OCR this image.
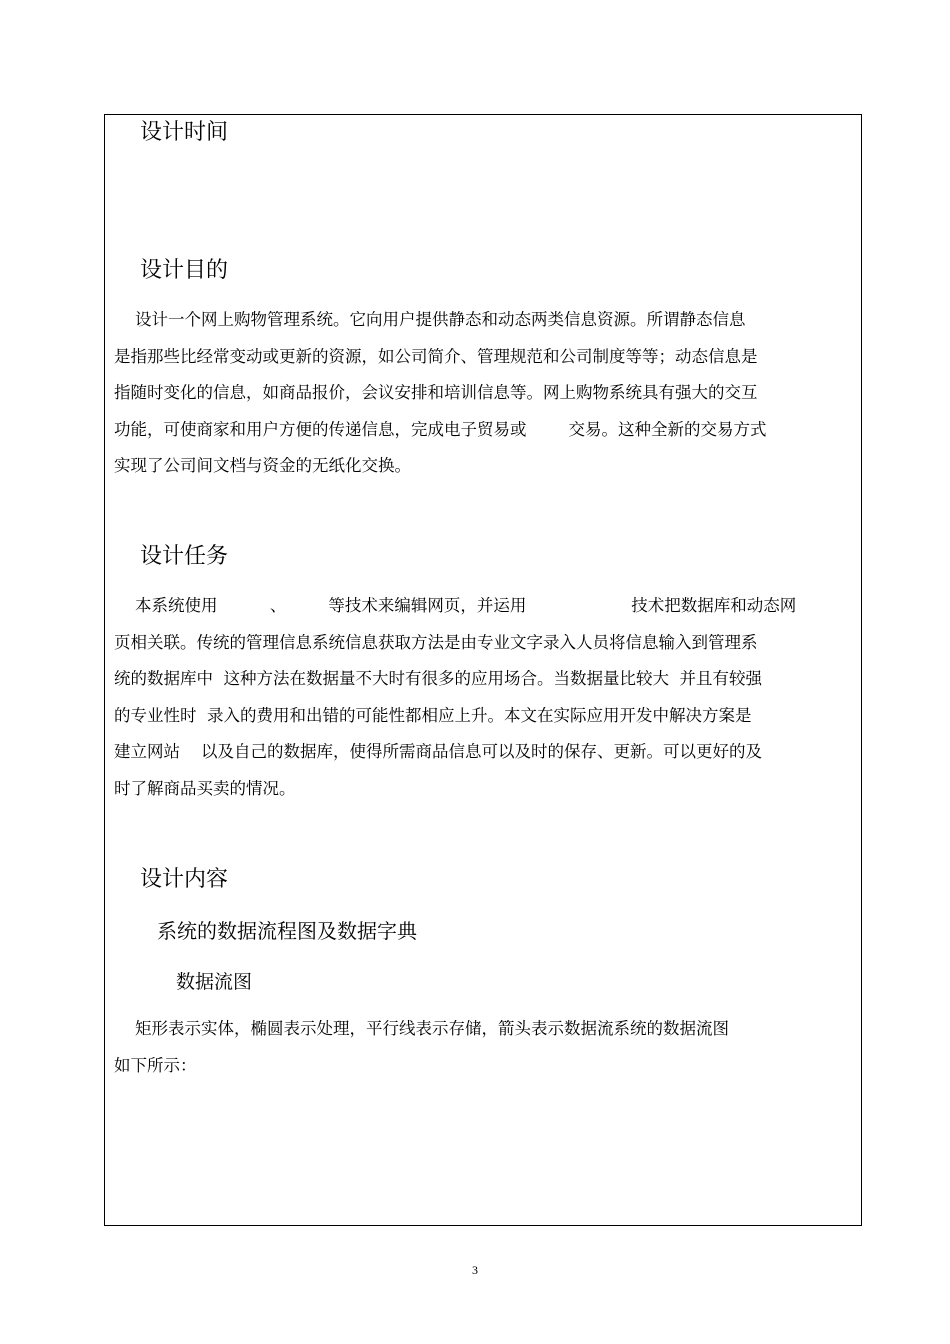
设计时间
设计目的
设计一个网上购物管理系统。它向用户提供静态和动态两类信息资源。所谓静态信息
是指那些比经常变动或更新的资源，如公司简介、管理规范和公司制度等等；动态信息是
指随时变化的信息，如商品报价，会议安排和培训信息等。网上购物系统具有强大的交互
功能，可使商家和用户方便的传递信息，完成电子贸易或        交易。这种全新的交易方式
实现了公司间文档与资金的无纸化交换。
设计任务
本系统使用          、        等技术来编辑网页，并运用                    技术把数据库和动态网
页相关联。传统的管理信息系统信息获取方法是由专业文字录入人员将信息输入到管理系
统的数据库中  这种方法在数据量不大时有很多的应用场合。当数据量比较大  并且有较强
的专业性时  录入的费用和出错的可能性都相应上升。本文在实际应用开发中解决方案是
建立网站    以及自己的数据库，使得所需商品信息可以及时的保存、更新。可以更好的及
时了解商品买卖的情况。
设计内容
系统的数据流程图及数据字典
数据流图
矩形表示实体，椭圆表示处理，平行线表示存储，箭头表示数据流系统的数据流图
如下所示：
3
